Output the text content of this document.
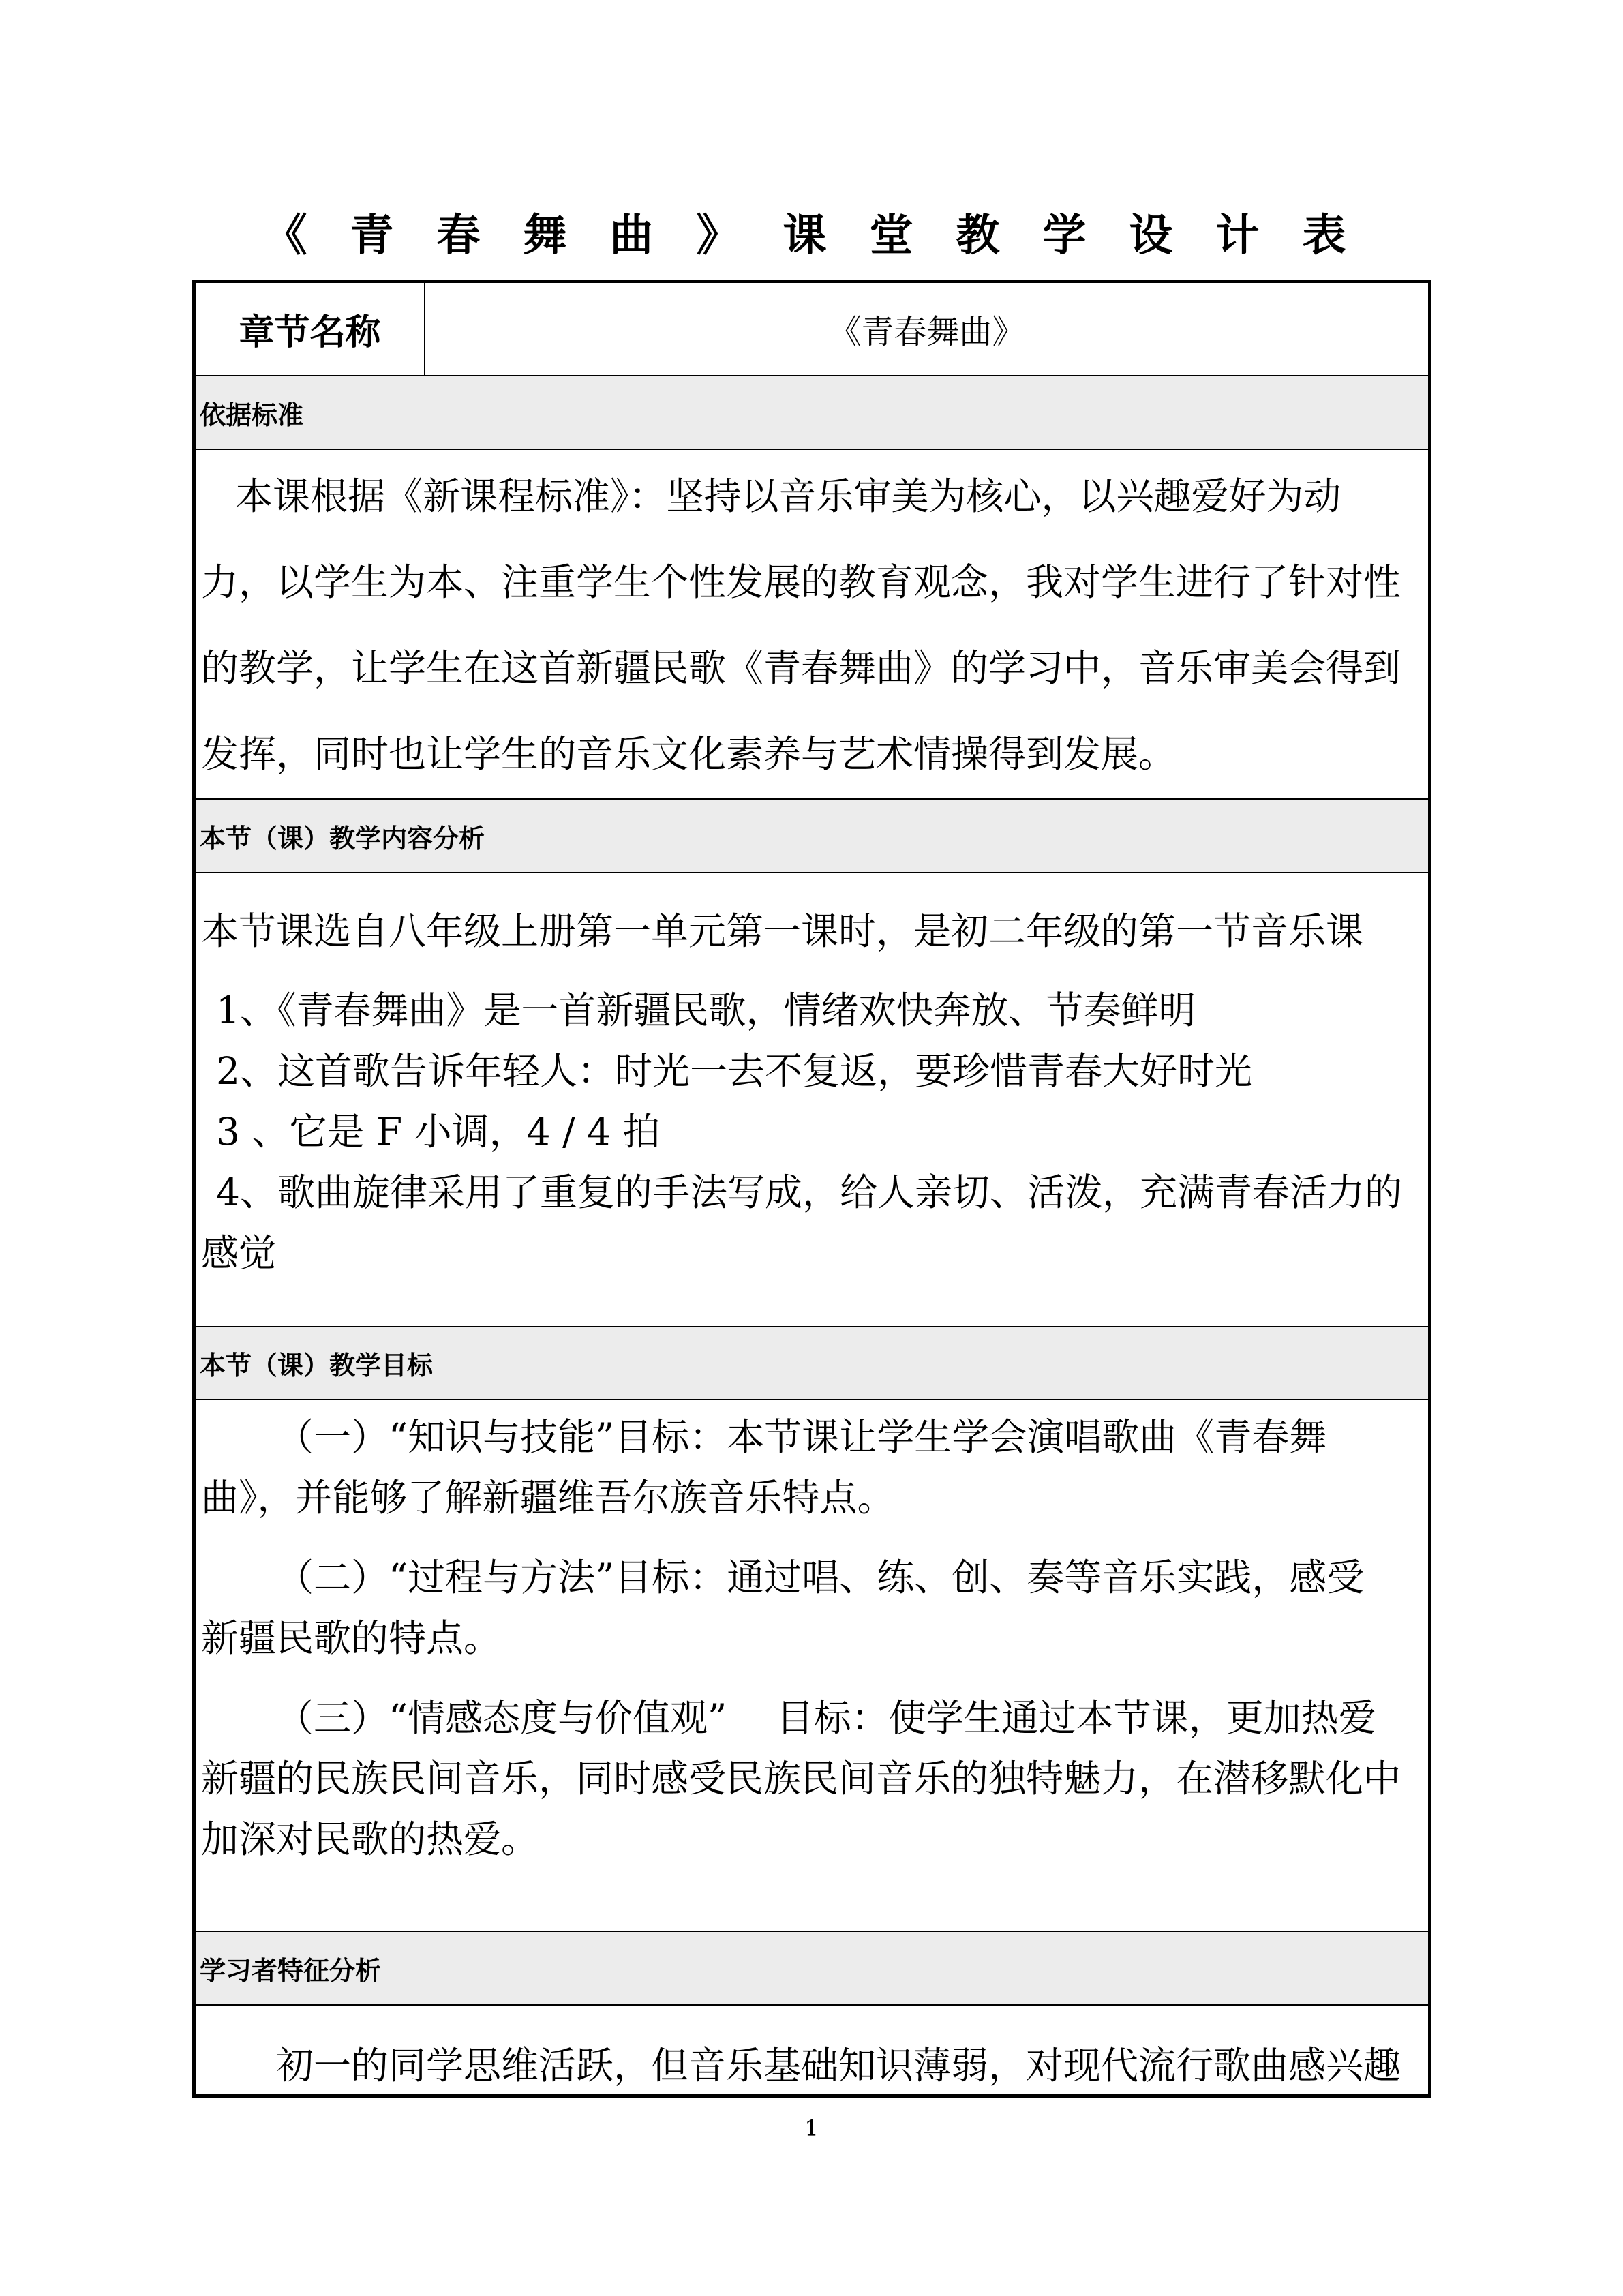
《青春舞曲》课堂教学设计表
章节名称	《青春舞曲》
依据标准
本课根据《新课程标准》：坚持以音乐审美为核心，以兴趣爱好为动
力，以学生为本、注重学生个性发展的教育观念，我对学生进行了针对性
的教学，让学生在这首新疆民歌《青春舞曲》的学习中，音乐审美会得到
发挥，同时也让学生的音乐文化素养与艺术情操得到发展。
本节（课）教学内容分析
本节课选自八年级上册第一单元第一课时，是初二年级的第一节音乐课
1、《青春舞曲》是一首新疆民歌，情绪欢快奔放、节奏鲜明
2、这首歌告诉年轻人：时光一去不复返，要珍惜青春大好时光
3 、它是 F 小调，4 / 4 拍
4、歌曲旋律采用了重复的手法写成，给人亲切、活泼，充满青春活力的
感觉
本节（课）教学目标
（一）“知识与技能”目标：本节课让学生学会演唱歌曲《青春舞
曲》，并能够了解新疆维吾尔族音乐特点。
（二）“过程与方法”目标：通过唱、练、创、奏等音乐实践，感受
新疆民歌的特点。
（三）“情感态度与价值观”　 目标：使学生通过本节课，更加热爱
新疆的民族民间音乐，同时感受民族民间音乐的独特魅力，在潜移默化中
加深对民歌的热爱。
学习者特征分析
初一的同学思维活跃，但音乐基础知识薄弱，对现代流行歌曲感兴趣
1
